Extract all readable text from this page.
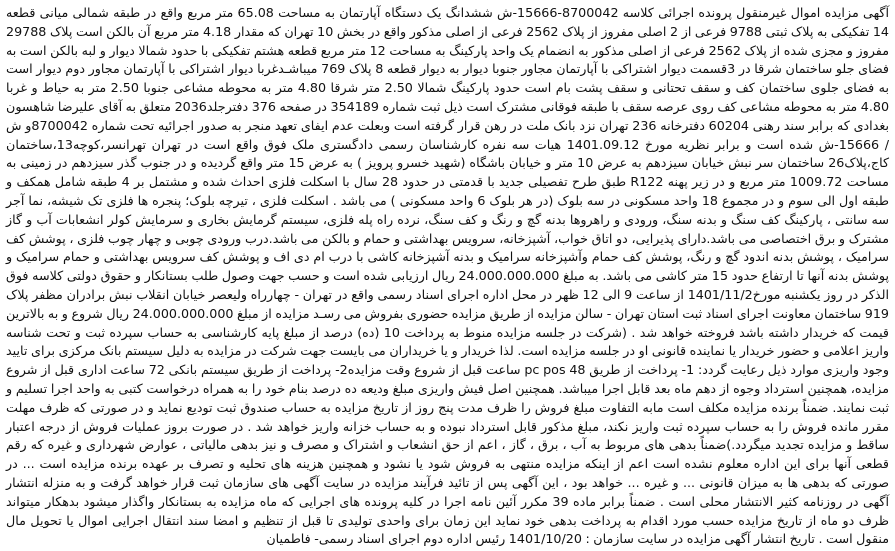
آگهی مزایده اموال غیرمنقول پرونده اجرائی کلاسه 8700042-15666-ش ششدانگ یک دستگاه آپارتمان به مساحت 65.08 متر مربع واقع در طبقه شمالی میانی قطعه 14 تفکیکی به پلاک ثبتی 9788 فرعی از 2 اصلی مفروز از پلاک 2562 فرعی از اصلی مذکور واقع در بخش 10 تهران که مقدار 4.18 متر مربع آن بالکن است پلاک 29788 مفروز و مجزی شده از پلاک 2562 فرعی از اصلی مذکور به انضمام یک واحد پارکینگ به مساحت 12 متر مربع قطعه هشتم تفکیکی با حدود شمالا دیوار و لبه بالکن است به فضای جلو ساختمان شرقا در 3قسمت دیوار اشتراکی با آپارتمان مجاور جنوبا دیوار به دیوار قطعه 8 پلاک 769 میباشـدغربا دیوار اشتراکی با آپارتمان مجاور دوم دیوار است به فضای جلوی ساختمان کف و سقف تحتانی و سقف پشت بام است حدود پارکینگ شمالا 2.50 متر شرقا 4.80 متر به محوطه مشاعی جنوبا 2.50 متر به حیاط و غربا 4.80 متر به محوطه مشاعی کف روی عرصه سقف با طبقه فوقانی مشترک است ذیل ثبت شماره 354189 در صفحه 376 دفترجلد2036 متعلق به آقای علیرضا شاهسون بغدادی که برابر سند رهنی 60204 دفترخانه 236 تهران نزد بانک ملت در رهن قرار گرفته است وبعلت عدم ایفای تعهد منجر به صدور اجرائیه تحت شماره 8700042و ش / 15666-ش شده است و برابر نظریه مورخ 1401.09.12 هیات سه نفره کارشناسان رسمی دادگستری ملک فوق واقع است در تهران تهرانسر،کوچه13،ساختمان کاج،پلاک26 ساختمان سر نبش خیابان سیزدهم به عرض 10 متر و خیابان باشگاه (شهید خسرو پرویز ) به عرض 15 متر واقع گردیده و در جنوب گذر سیزدهم در زمینی به مساحت 1009.72 متر مربع و در زیر پهنه R122 طبق طرح تفصیلی جدید با قدمتی در حدود 28 سال با اسکلت فلزی احداث شده و مشتمل بر 4 طبقه شامل همکف و طبقه اول الی سوم و در مجموع 18 واحد مسکونی در سه بلوک (در هر بلوک 6 واحد مسکونی ) می باشد . اسکلت فلزی ، تیرچه بلوک؛ پنجره ها فلزی تک شیشه، نما آجر سه سانتی ، پارکینگ کف سنگ و بدنه سنگ، ورودی و راهروها بدنه گچ و رنگ و کف سنگ، نرده راه پله فلزی، سیستم گرمایش بخاری و سرمایش کولر انشعابات آب و گاز مشترک و برق اختصاصی می باشد.دارای پذیرایی، دو اتاق خواب، آشپزخانه، سرویس بهداشتی و حمام و بالکن می باشد.درب ورودی چوبی و چهار چوب فلزی ، پوشش کف سرامیک ، پوشش بدنه اندود گچ و رنگ، پوشش کف حمام وآشپزخانه سرامیک و بدنه آشپزخانه کاشی با درب ام دی اف و پوشش کف سرویس بهداشتی و حمام سرامیک و پوشش بدنه آنها تا ارتفاع حدود 15 متر کاشی می باشد. به مبلغ 24.000.000.000 ریال ارزیابی شده است و حسب جهت وصول طلب بستانکار و حقوق دولتی کلاسه فوق الذکر در روز یکشنبه مورخ1401/11/2 از ساعت 9 الی 12 ظهر در محل اداره اجرای اسناد رسمی واقع در تهران - چهارراه ولیعصر خیابان انقلاب نبش برادران مظفر پلاک 919 ساختمان معاونت اجرای اسناد ثبت استان تهران - سالن مزایده از طریق مزایده حضوری بفروش می رسـد مزایده از مبلغ 24.000.000.000 ریال شروع و به بالاترین قیمت که خریدار داشته باشد فروخته خواهد شد . (شرکت در جلسه مزایده منوط به پرداخت 10 (ده) درصد از مبلغ پایه کارشناسی به حساب سپرده ثبت و تحت شناسه واریز اعلامی و حضور خریدار یا نماینده قانونی او در جلسه مزایده است. لذا خریدار و یا خریداران می بایست جهت شرکت در مزایده به دلیل سیستم بانک مرکزی برای تایید وجود واریزی موارد ذیل رعایت گردد: 1- پرداخت از طریق pc pos 48 ساعت قبل از شروع وقت مزایده2- پرداخت از طریق سیستم بانکی 72 ساعت اداری قبل از شروع مزایده، همچنین استرداد وجوه از دهم ماه بعد قابل اجرا میباشد. همچنین اصل فیش واریزی مبلغ ودیعه ده درصد بنام خود را به همراه درخواست کتبی به واحد اجرا تسلیم و ثبت نمایند. ضمناً برنده مزایده مکلف است مابه التفاوت مبلغ فروش را ظرف مدت پنج روز از تاریخ مزایده به حساب صندوق ثبت تودیع نماید و در صورتی که ظرف مهلت مقرر مانده فروش را به حساب سپرده ثبت واریز نکند، مبلغ مذکور قابل استرداد نبوده و به حساب خزانه واریز خواهد شد . در صورت بروز عملیات فروش از درجه اعتبار ساقط و مزایده تجدید میگردد.)ضمناً بدهی های مربوط به آب ، برق ، گاز ، اعم از حق انشعاب و اشتراک و مصرف و نیز بدهی مالیاتی ، عوارض شهرداری و غیره که رقم قطعی آنها برای این اداره معلوم نشده است اعم از اینکه مزایده منتهی به فروش شود یا نشود و همچنین هزینه های تحلیه و تصرف بر عهده برنده مزایده است ... در صورتی که بدهی ها به میزان قانونی ... و غیره ... خواهد بود ، این آگهی پس از تائید فرآیند مزایده در سایت آگهی های سازمان ثبت قرار خواهد گرفت و به منزله انتشار آگهی در روزنامه کثیر الانتشار محلی است . ضمناً برابر ماده 39 مکرر آئین نامه اجرا در کلیه پرونده های اجرایی که ماه مزایده به بستانکار واگذار میشود بدهکار میتواند ظرف دو ماه از تاریخ مزایده حسب مورد اقدام به پرداخت بدهی خود نماید این زمان برای واحدی تولیدی تا قبل از تنظیم و امضا سند انتقال اجرایی اموال یا تحویل مال منقول است . تاریخ انتشار آگهی مزایده در سایت سازمان : 1401/10/20 رئیس اداره دوم اجرای اسناد رسمی- فاطمیان
